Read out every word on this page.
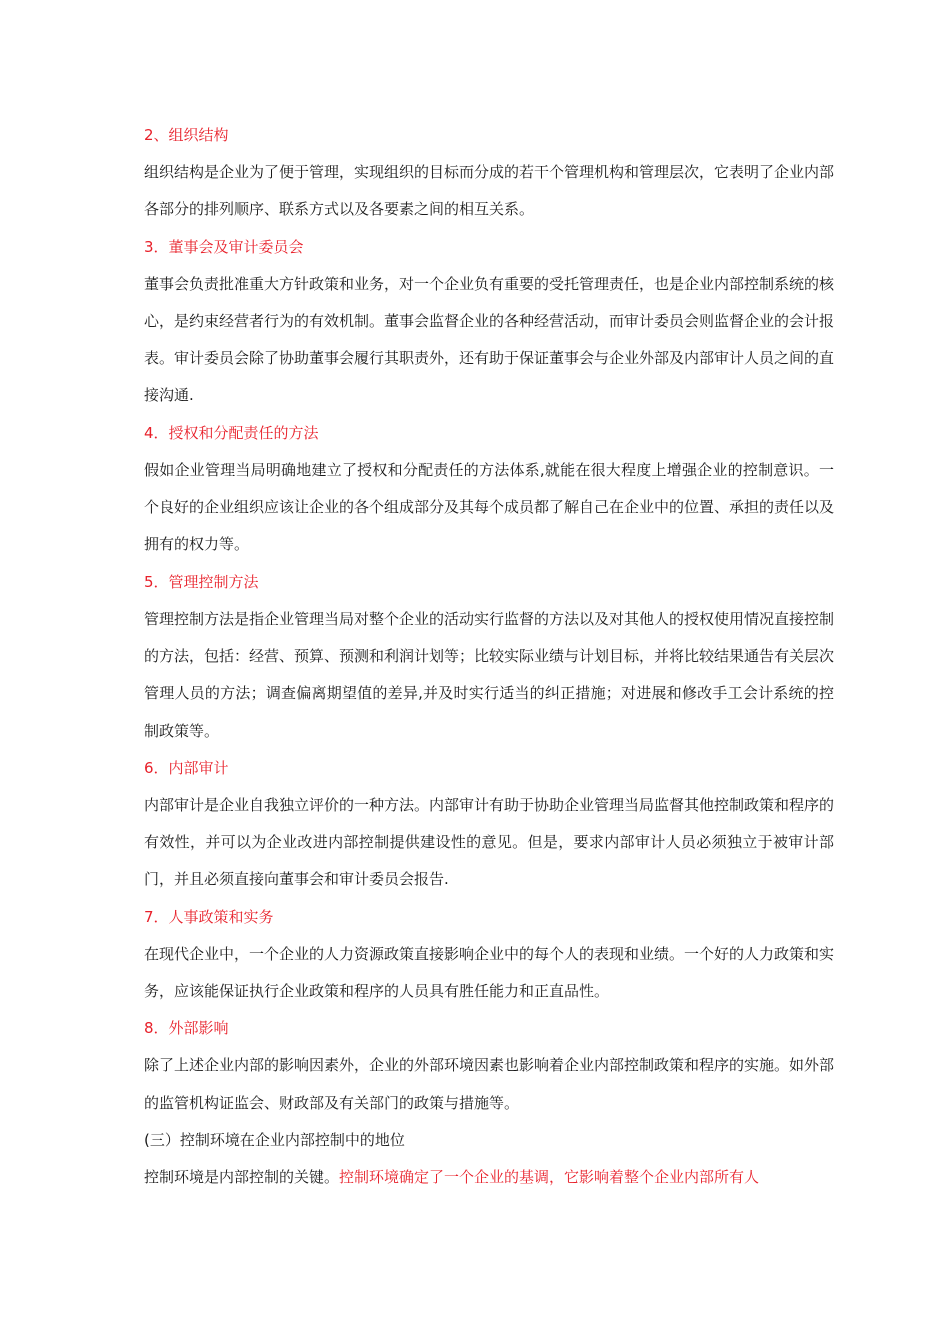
2、组织结构
组织结构是企业为了便于管理，实现组织的目标而分成的若干个管理机构和管理层次，它表明了企业内部各部分的排列顺序、联系方式以及各要素之间的相互关系。
3．董事会及审计委员会
董事会负责批准重大方针政策和业务，对一个企业负有重要的受托管理责任，也是企业内部控制系统的核心，是约束经营者行为的有效机制。董事会监督企业的各种经营活动，而审计委员会则监督企业的会计报表。审计委员会除了协助董事会履行其职责外，还有助于保证董事会与企业外部及内部审计人员之间的直接沟通.
4．授权和分配责任的方法
假如企业管理当局明确地建立了授权和分配责任的方法体系,就能在很大程度上增强企业的控制意识。一个良好的企业组织应该让企业的各个组成部分及其每个成员都了解自己在企业中的位置、承担的责任以及拥有的权力等。
5．管理控制方法
管理控制方法是指企业管理当局对整个企业的活动实行监督的方法以及对其他人的授权使用情况直接控制的方法，包括：经营、预算、预测和利润计划等；比较实际业绩与计划目标，并将比较结果通告有关层次管理人员的方法；调查偏离期望值的差异,并及时实行适当的纠正措施；对进展和修改手工会计系统的控制政策等。
6．内部审计
内部审计是企业自我独立评价的一种方法。内部审计有助于协助企业管理当局监督其他控制政策和程序的有效性，并可以为企业改进内部控制提供建设性的意见。但是，要求内部审计人员必须独立于被审计部门，并且必须直接向董事会和审计委员会报告.
7．人事政策和实务
在现代企业中，一个企业的人力资源政策直接影响企业中的每个人的表现和业绩。一个好的人力政策和实务，应该能保证执行企业政策和程序的人员具有胜任能力和正直品性。
8．外部影响
除了上述企业内部的影响因素外，企业的外部环境因素也影响着企业内部控制政策和程序的实施。如外部的监管机构证监会、财政部及有关部门的政策与措施等。
(三）控制环境在企业内部控制中的地位
控制环境是内部控制的关键。控制环境确定了一个企业的基调，它影响着整个企业内部所有人
